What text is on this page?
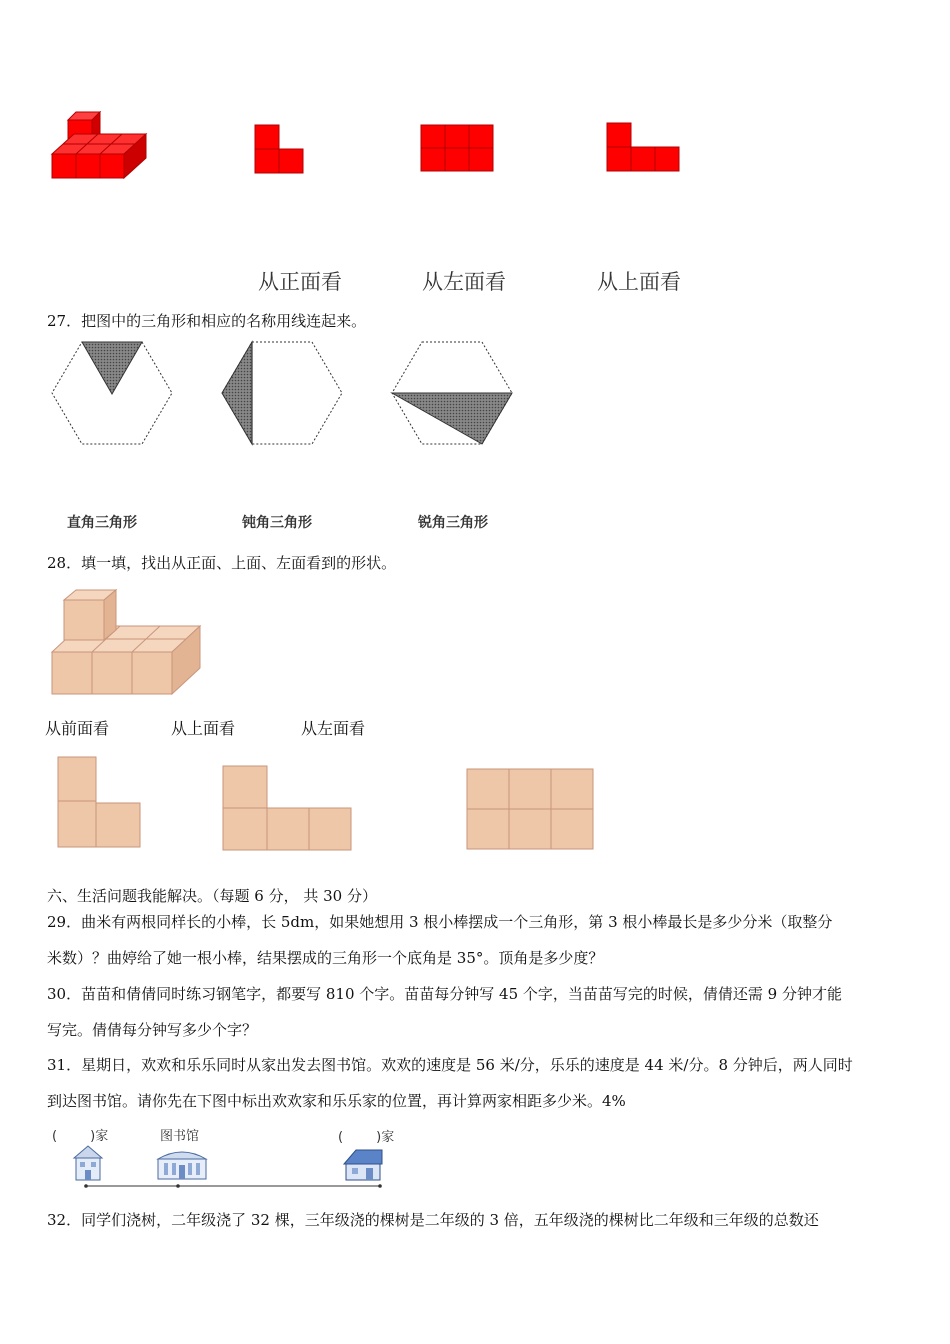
从正面看	从左面看	从上面看
27．把图中的三角形和相应的名称用线连起来。
直角三角形	钝角三角形	锐角三角形
28．填一填，找出从正面、上面、左面看到的形状。
从前面看	从上面看	从左面看
六、生活问题我能解决。（每题 6 分， 共 30 分）
29．曲米有两根同样长的小棒，长 5dm，如果她想用 3 根小棒摆成一个三角形，第 3 根小棒最长是多少分米（取整分
米数）？曲婷给了她一根小棒，结果摆成的三角形一个底角是 35°。顶角是多少度？
30．苗苗和倩倩同时练习钢笔字，都要写 810 个字。苗苗每分钟写 45 个字，当苗苗写完的时候，倩倩还需 9 分钟才能
写完。倩倩每分钟写多少个字？
31．星期日，欢欢和乐乐同时从家出发去图书馆。欢欢的速度是 56 米/分，乐乐的速度是 44 米/分。8 分钟后，两人同时
到达图书馆。请你先在下图中标出欢欢家和乐乐家的位置，再计算两家相距多少米。4%
(        )家	图书馆	(        )家
32．同学们浇树，二年级浇了 32 棵，三年级浇的棵树是二年级的 3 倍，五年级浇的棵树比二年级和三年级的总数还
